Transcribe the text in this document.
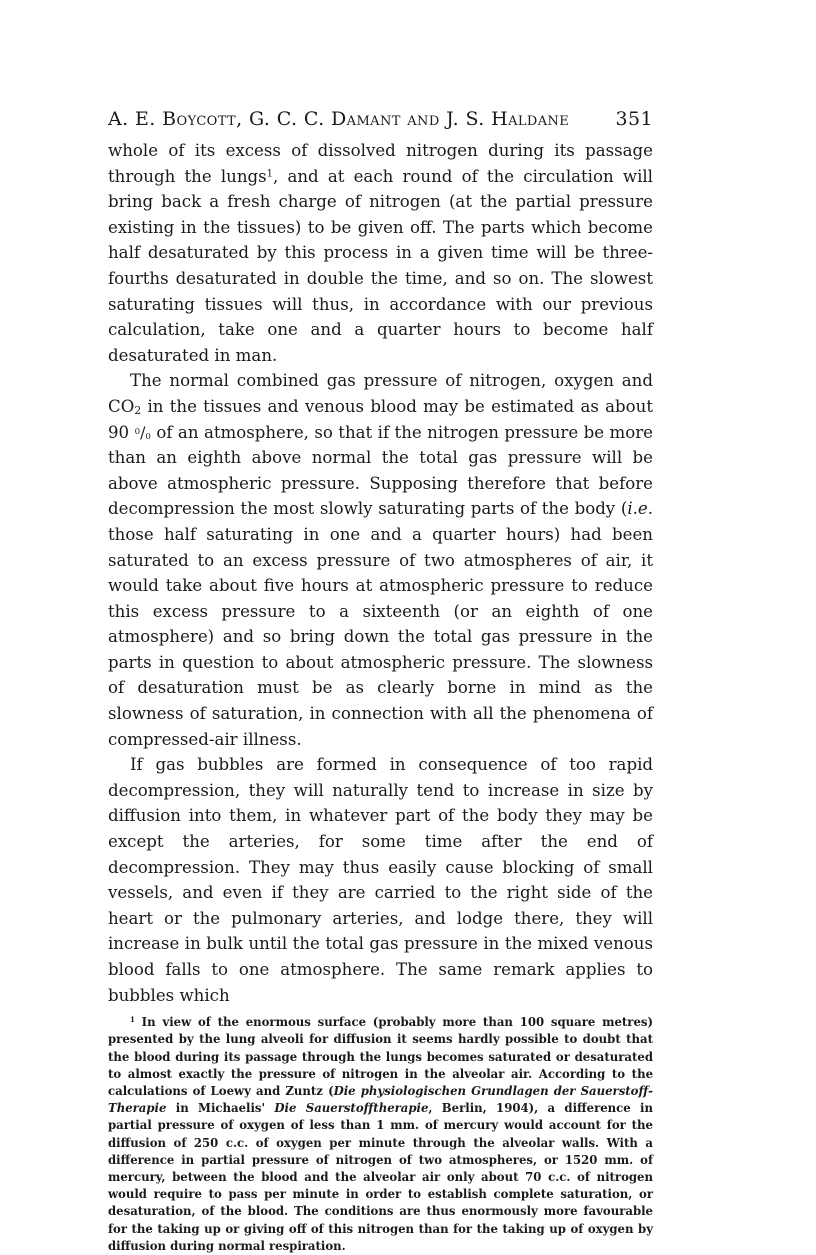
A. E. Boycott, G. C. C. Damant and J. S. Haldane 351

whole of its excess of dissolved nitrogen during its passage through the lungs$^1$, and at each round of the circulation will bring back a fresh charge of nitrogen (at the partial pressure existing in the tissues) to be given off. The parts which become half desaturated by this process in a given time will be three-fourths desaturated in double the time, and so on. The slowest saturating tissues will thus, in accordance with our previous calculation, take one and a quarter hours to become half desaturated in man.

The normal combined gas pressure of nitrogen, oxygen and $CO_2$ in the tissues and venous blood may be estimated as about 90 $^0/_0$ of an atmosphere, so that if the nitrogen pressure be more than an eighth above normal the total gas pressure will be above atmospheric pressure. Supposing therefore that before decompression the most slowly saturating parts of the body (i.e. those half saturating in one and a quarter hours) had been saturated to an excess pressure of two atmospheres of air, it would take about five hours at atmospheric pressure to reduce this excess pressure to a sixteenth (or an eighth of one atmosphere) and so bring down the total gas pressure in the parts in question to about atmospheric pressure. The slowness of desaturation must be as clearly borne in mind as the slowness of saturation, in connection with all the phenomena of compressed-air illness.

If gas bubbles are formed in consequence of too rapid decompression, they will naturally tend to increase in size by diffusion into them, in whatever part of the body they may be except the arteries, for some time after the end of decompression. They may thus easily cause blocking of small vessels, and even if they are carried to the right side of the heart or the pulmonary arteries, and lodge there, they will increase in bulk until the total gas pressure in the mixed venous blood falls to one atmosphere. The same remark applies to bubbles which

$^1$ In view of the enormous surface (probably more than 100 square metres) presented by the lung alveoli for diffusion it seems hardly possible to doubt that the blood during its passage through the lungs becomes saturated or desaturated to almost exactly the pressure of nitrogen in the alveolar air. According to the calculations of Loewy and Zuntz (Die physiologischen Grundlagen der Sauerstoff-Therapie in Michaelis' Die Sauerstofftherapie, Berlin, 1904), a difference in partial pressure of oxygen of less than 1 mm. of mercury would account for the diffusion of 250 c.c. of oxygen per minute through the alveolar walls. With a difference in partial pressure of nitrogen of two atmospheres, or 1520 mm. of mercury, between the blood and the alveolar air only about 70 c.c. of nitrogen would require to pass per minute in order to establish complete saturation, or desaturation, of the blood. The conditions are thus enormously more favourable for the taking up or giving off of this nitrogen than for the taking up of oxygen by diffusion during normal respiration.
